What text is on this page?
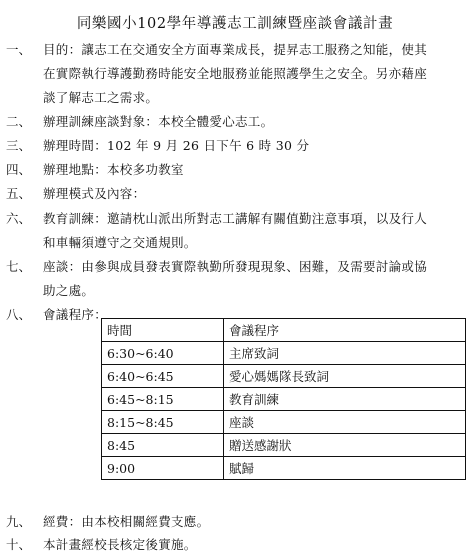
同樂國小102學年導護志工訓練暨座談會議計畫
一、 目的：讓志工在交通安全方面專業成長，提昇志工服務之知能，使其
在實際執行導護勤務時能安全地服務並能照護學生之安全。另亦藉座
談了解志工之需求。
二、 辦理訓練座談對象：本校全體愛心志工。
三、 辦理時間：102 年 9 月 26 日下午 6 時 30 分
四、 辦理地點：本校多功教室
五、 辦理模式及內容：
六、 教育訓練：邀請枕山派出所對志工講解有關值勤注意事項，以及行人
和車輛須遵守之交通規則。
七、 座談：由參與成員發表實際執勤所發現現象、困難，及需要討論或協
助之處。
八、 會議程序：
時間	會議程序
6:30~6:40	主席致詞
6:40~6:45	愛心媽媽隊長致詞
6:45~8:15	教育訓練
8:15~8:45	座談
8:45	贈送感謝狀
9:00	賦歸
九、 經費：由本校相關經費支應。
十、 本計畫經校長核定後實施。
